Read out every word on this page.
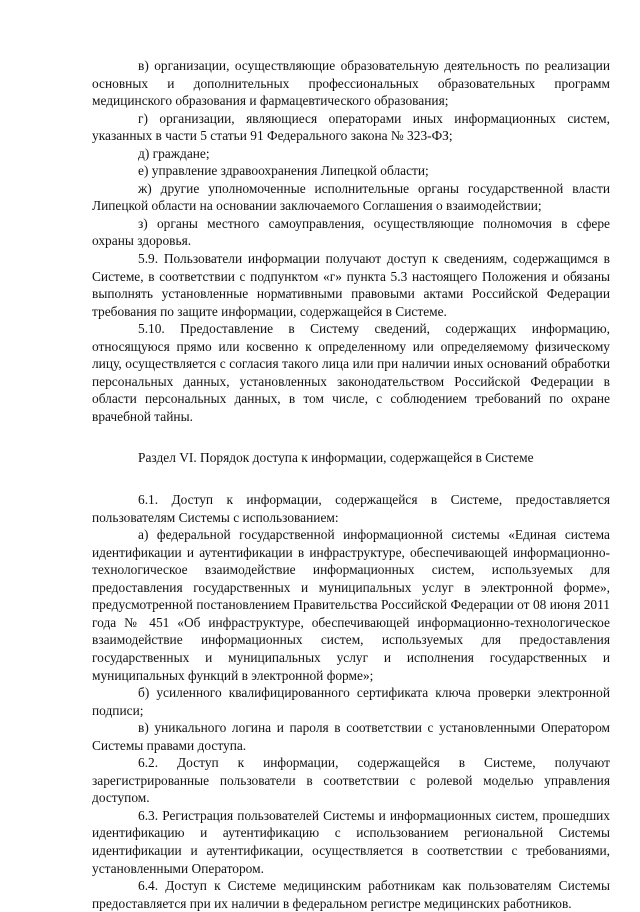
в) организации, осуществляющие образовательную деятельность по реализации основных и дополнительных профессиональных образовательных программ медицинского образования и фармацевтического образования;

г) организации, являющиеся операторами иных информационных систем, указанных в части 5 статьи 91 Федерального закона № 323-ФЗ;

д) граждане;

е) управление здравоохранения Липецкой области;

ж) другие уполномоченные исполнительные органы государственной власти Липецкой области на основании заключаемого Соглашения о взаимодействии;

з) органы местного самоуправления, осуществляющие полномочия в сфере охраны здоровья.

5.9. Пользователи информации получают доступ к сведениям, содержащимся в Системе, в соответствии с подпунктом «г» пункта 5.3 настоящего Положения и обязаны выполнять установленные нормативными правовыми актами Российской Федерации требования по защите информации, содержащейся в Системе.

5.10. Предоставление в Систему сведений, содержащих информацию, относящуюся прямо или косвенно к определенному или определяемому физическому лицу, осуществляется с согласия такого лица или при наличии иных оснований обработки персональных данных, установленных законодательством Российской Федерации в области персональных данных, в том числе, с соблюдением требований по охране врачебной тайны.

Раздел VI. Порядок доступа к информации, содержащейся в Системе

6.1. Доступ к информации, содержащейся в Системе, предоставляется пользователям Системы с использованием:

а) федеральной государственной информационной системы «Единая система идентификации и аутентификации в инфраструктуре, обеспечивающей информационно-технологическое взаимодействие информационных систем, используемых для предоставления государственных и муниципальных услуг в электронной форме», предусмотренной постановлением Правительства Российской Федерации от 08 июня 2011 года № 451 «Об инфраструктуре, обеспечивающей информационно-технологическое взаимодействие информационных систем, используемых для предоставления государственных и муниципальных услуг и исполнения государственных и муниципальных функций в электронной форме»;

б) усиленного квалифицированного сертификата ключа проверки электронной подписи;

в) уникального логина и пароля в соответствии с установленными Оператором Системы правами доступа.

6.2. Доступ к информации, содержащейся в Системе, получают зарегистрированные пользователи в соответствии с ролевой моделью управления доступом.

6.3. Регистрация пользователей Системы и информационных систем, прошедших идентификацию и аутентификацию с использованием региональной Системы идентификации и аутентификации, осуществляется в соответствии с требованиями, установленными Оператором.

6.4. Доступ к Системе медицинским работникам как пользователям Системы предоставляется при их наличии в федеральном регистре медицинских работников.
